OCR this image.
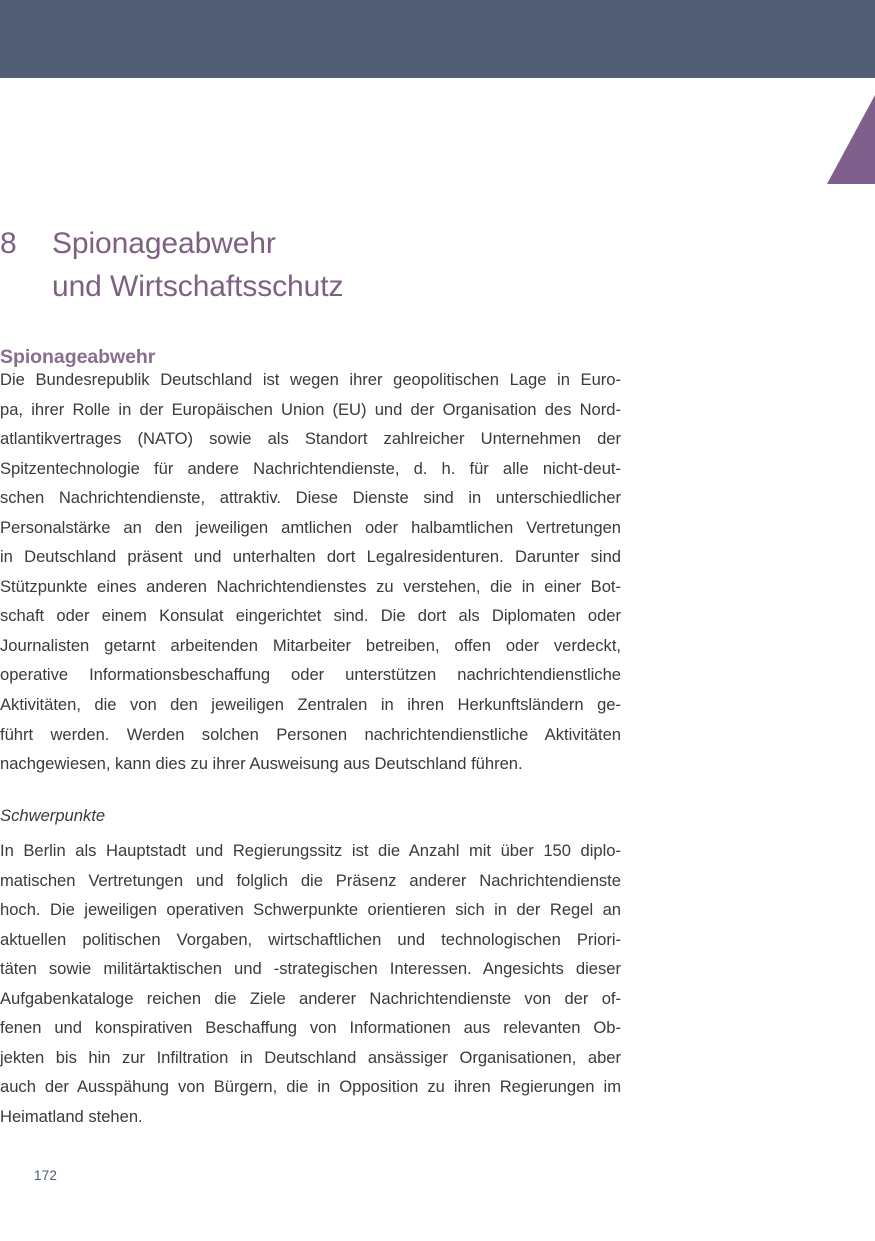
8 Spionageabwehr
und Wirtschaftsschutz
Spionageabwehr

Die Bundesrepublik Deutschland ist wegen ihrer geopolitischen Lage in Euro-
pa, ihrer Rolle in der Europäischen Union (EU) und der Organisation des Nord-
atlantikvertrages (NATO) sowie als Standort zahlreicher Unternehmen der
Spitzentechnologie für andere Nachrichtendienste, d. h. für alle nicht-deut-
schen Nachrichtendienste, attraktiv. Diese Dienste sind in unterschiedlicher
Personalstärke an den jeweiligen amtlichen oder halbamtlichen Vertretungen
in Deutschland präsent und unterhalten dort Legalresidenturen. Darunter sind
Stützpunkte eines anderen Nachrichtendienstes zu verstehen, die in einer Bot-
schaft oder einem Konsulat eingerichtet sind. Die dort als Diplomaten oder
Journalisten getarnt arbeitenden Mitarbeiter betreiben, offen oder verdeckt,
operative Informationsbeschaffung oder unterstützen nachrichtendienstliche
Aktivitäten, die von den jeweiligen Zentralen in ihren Herkunftsländern ge-
führt werden. Werden solchen Personen nachrichtendienstliche Aktivitäten
nachgewiesen, kann dies zu ihrer Ausweisung aus Deutschland führen.

Schwerpunkte

In Berlin als Hauptstadt und Regierungssitz ist die Anzahl mit über 150 diplo-
matischen Vertretungen und folglich die Präsenz anderer Nachrichtendienste
hoch. Die jeweiligen operativen Schwerpunkte orientieren sich in der Regel an
aktuellen politischen Vorgaben, wirtschaftlichen und technologischen Priori-
täten sowie militärtaktischen und -strategischen Interessen. Angesichts dieser
Aufgabenkataloge reichen die Ziele anderer Nachrichtendienste von der of-
fenen und konspirativen Beschaffung von Informationen aus relevanten Ob-
jekten bis hin zur Infiltration in Deutschland ansässiger Organisationen, aber
auch der Ausspähung von Bürgern, die in Opposition zu ihren Regierungen im
Heimatland stehen.

172
